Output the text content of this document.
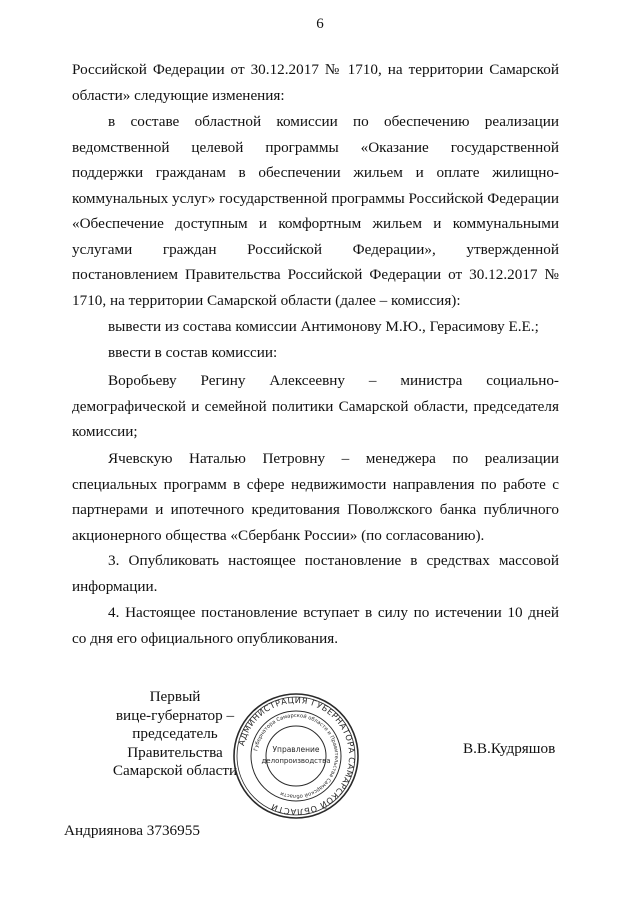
6

Российской Федерации от 30.12.2017 № 1710, на территории Самарской области» следующие изменения:

в составе областной комиссии по обеспечению реализации ведомственной целевой программы «Оказание государственной поддержки гражданам в обеспечении жильем и оплате жилищно-коммунальных услуг» государственной программы Российской Федерации «Обеспечение доступным и комфортным жильем и коммунальными услугами граждан Российской Федерации», утвержденной постановлением Правительства Российской Федерации от 30.12.2017 № 1710, на территории Самарской области (далее – комиссия):

вывести из состава комиссии Антимонову М.Ю., Герасимову Е.Е.;

ввести в состав комиссии:

Воробьеву Регину Алексеевну – министра социально-демографической и семейной политики Самарской области, председателя комиссии;

Ячевскую Наталью Петровну – менеджера по реализации специальных программ в сфере недвижимости направления по работе с партнерами и ипотечного кредитования Поволжского банка публичного акционерного общества «Сбербанк России» (по согласованию).

3. Опубликовать настоящее постановление в средствах массовой информации.

4. Настоящее постановление вступает в силу по истечении 10 дней со дня его официального опубликования.

Первый
вице-губернатор –
председатель Правительства
Самарской области
АДМИНИСТРАЦИЯ ГУБЕРНАТОРА САМАРСКОЙ ОБЛАСТИ
Губернатора Самарской области и Правительства Самарской области
Управление
делопроизводства
В.В.Кудряшов
Андриянова 3736955
